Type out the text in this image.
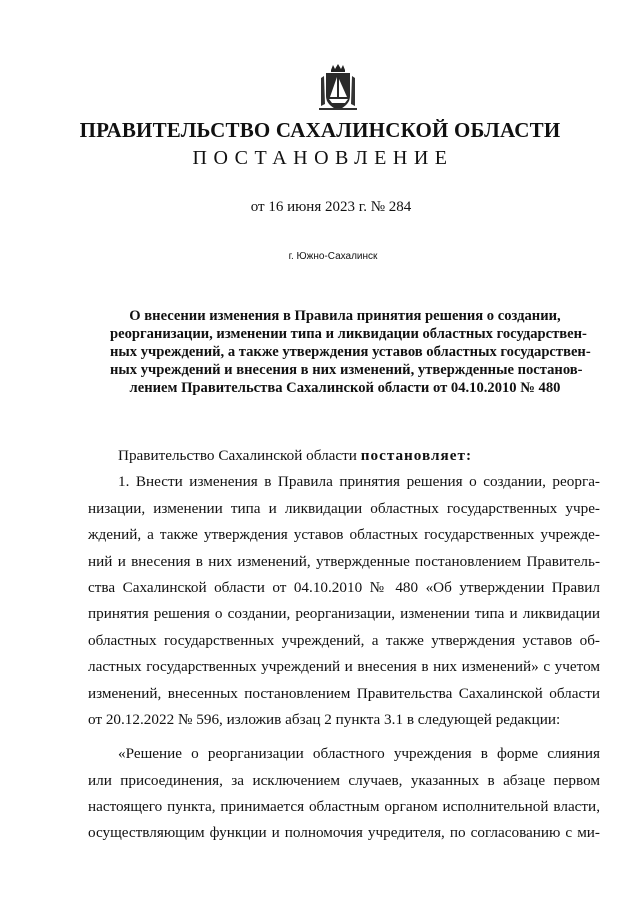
ПРАВИТЕЛЬСТВО САХАЛИНСКОЙ ОБЛАСТИ
ПОСТАНОВЛЕНИЕ
от 16 июня 2023 г. № 284
г. Южно-Сахалинск
О внесении изменения в Правила принятия решения о создании,
реорганизации, изменении типа и ликвидации областных государствен-
ных учреждений, а также утверждения уставов областных государствен-
ных учреждений и внесения в них изменений, утвержденные постанов-
лением Правительства Сахалинской области от 04.10.2010 № 480
Правительство Сахалинской области постановляет:
1. Внести изменения в Правила принятия решения о создании, реорга-
низации, изменении типа и ликвидации областных государственных учре-
ждений, а также утверждения уставов областных государственных учрежде-
ний и внесения в них изменений, утвержденные постановлением Правитель-
ства Сахалинской области от 04.10.2010 № 480 «Об утверждении Правил
принятия решения о создании, реорганизации, изменении типа и ликвидации
областных государственных учреждений, а также утверждения уставов об-
ластных государственных учреждений и внесения в них изменений» с учетом
изменений, внесенных постановлением Правительства Сахалинской области
от 20.12.2022 № 596, изложив абзац 2 пункта 3.1 в следующей редакции:
«Решение о реорганизации областного учреждения в форме слияния
или присоединения, за исключением случаев, указанных в абзаце первом
настоящего пункта, принимается областным органом исполнительной власти,
осуществляющим функции и полномочия учредителя, по согласованию с ми-
